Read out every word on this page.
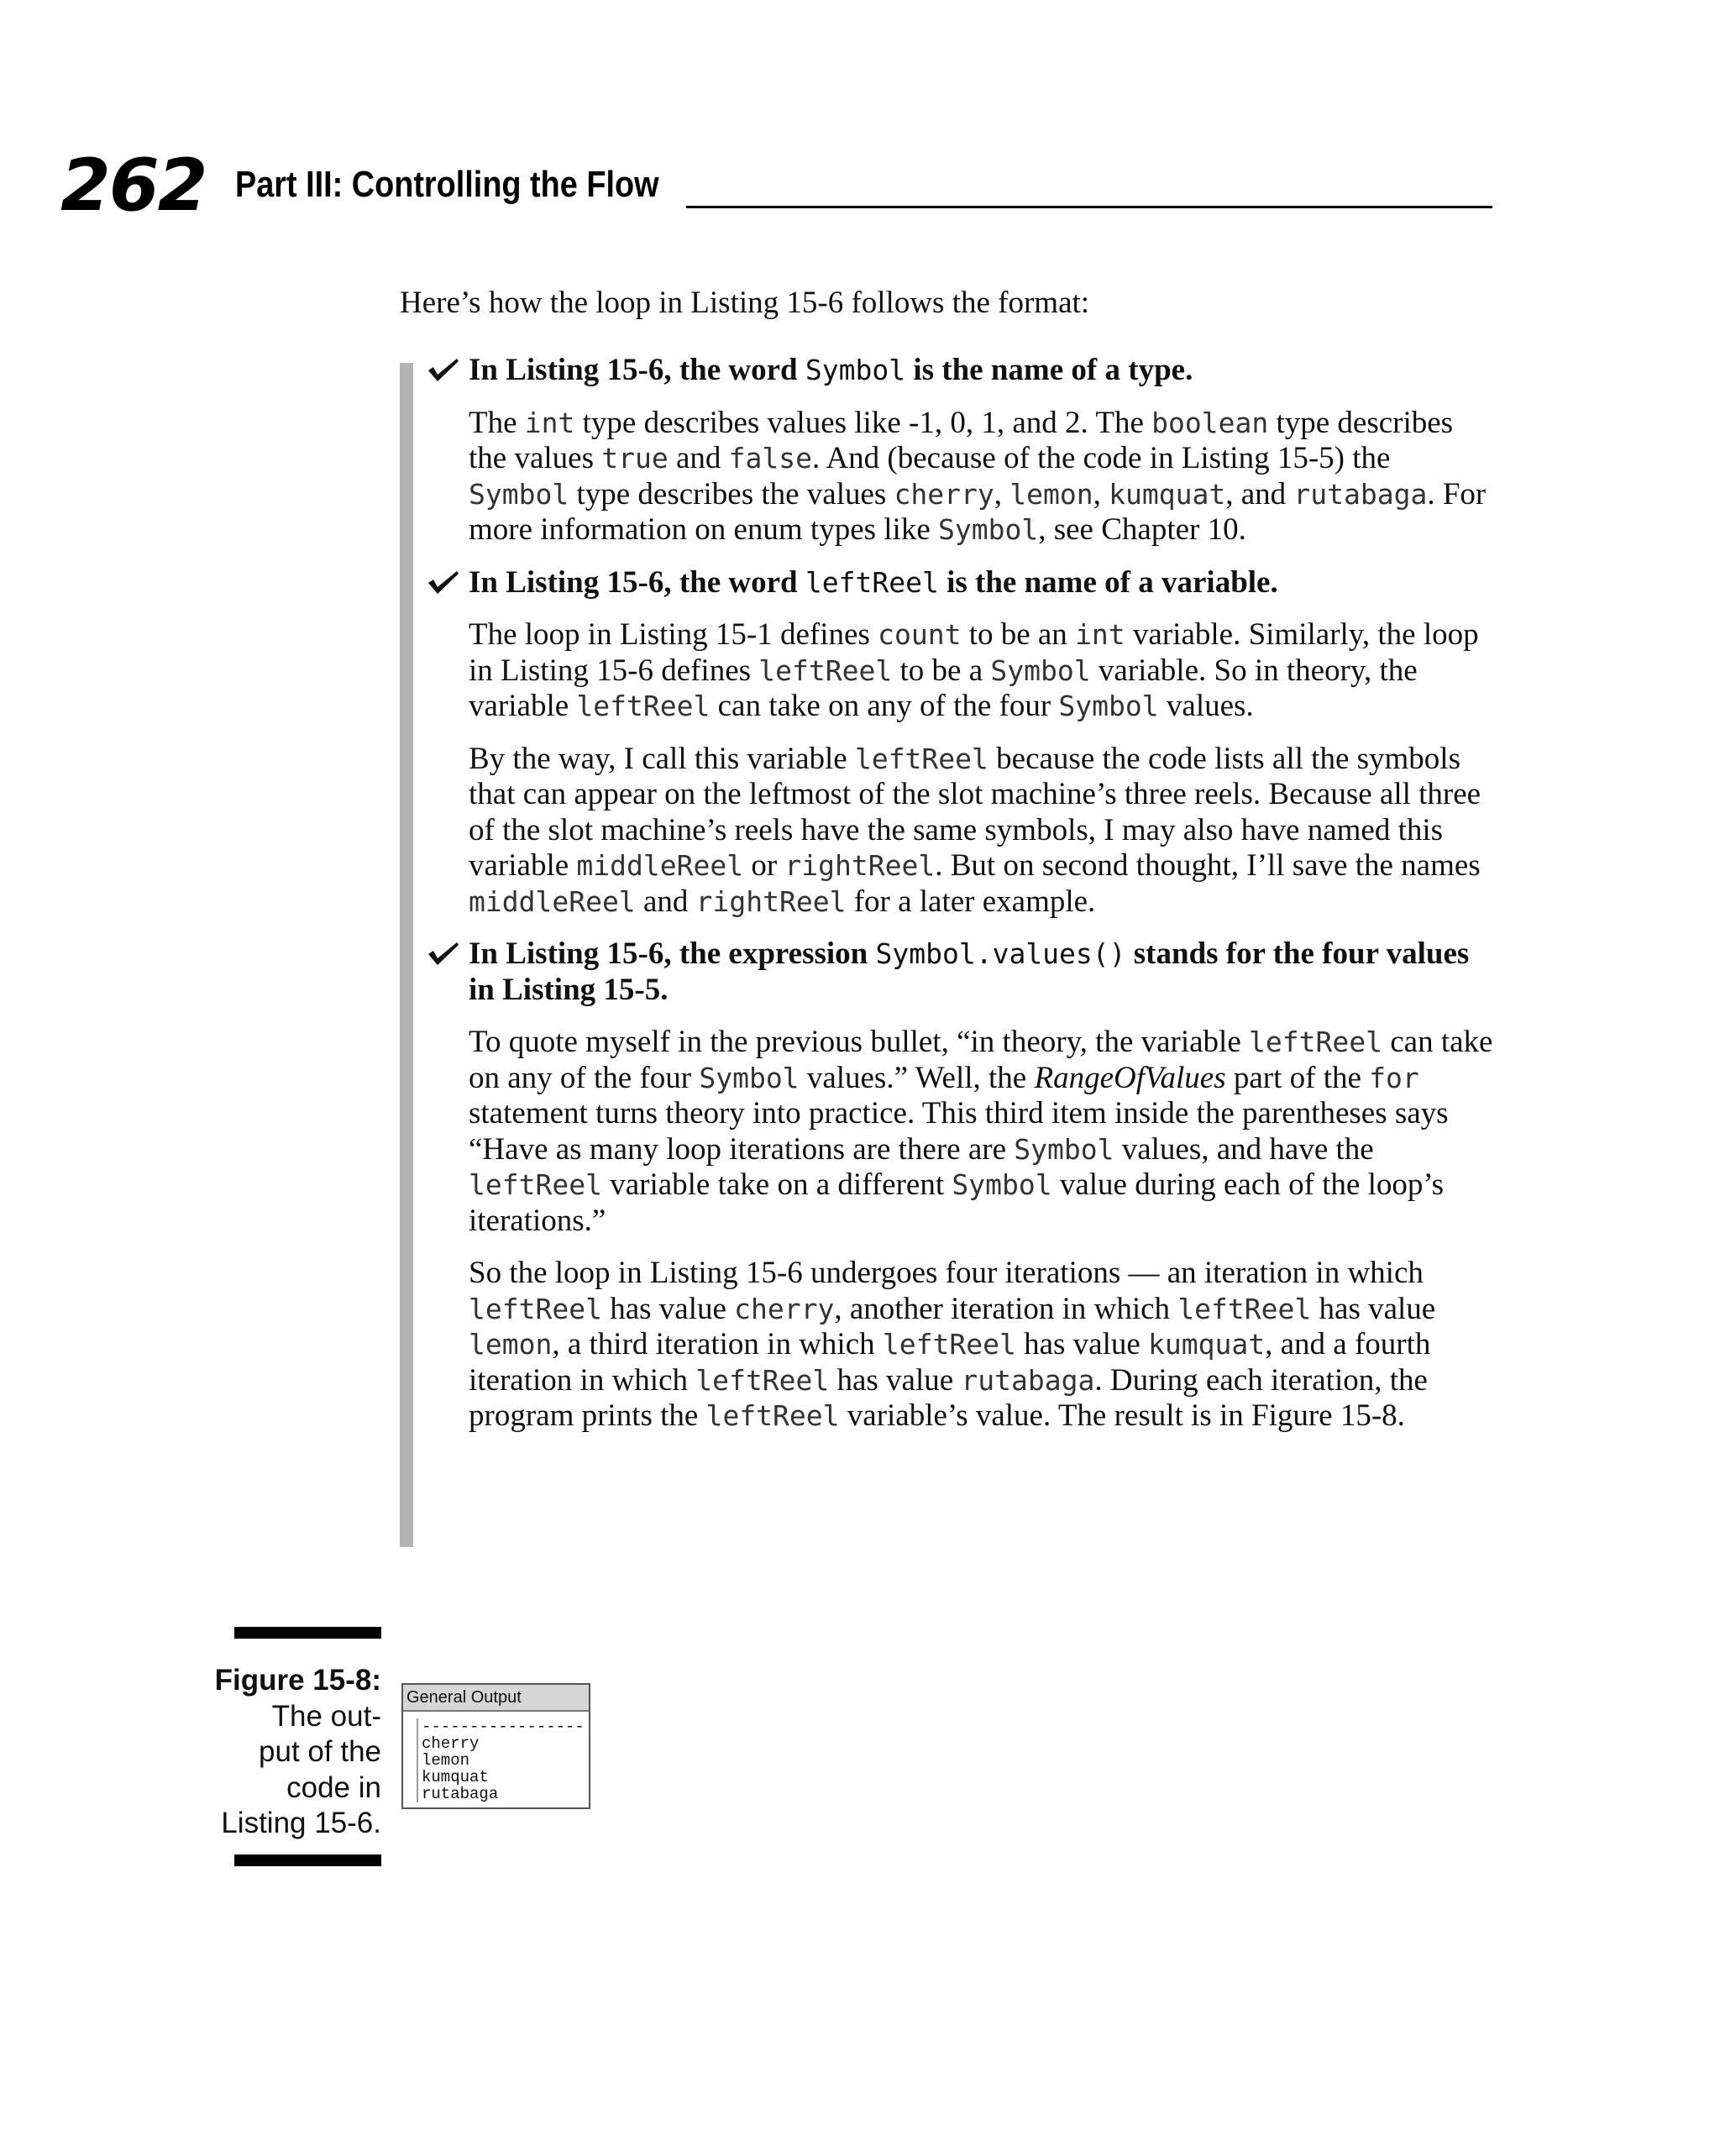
262 Part III: Controlling the Flow
Here’s how the loop in Listing 15-6 follows the format:

In Listing 15-6, the word Symbol is the name of a type.

The int type describes values like -1, 0, 1, and 2. The boolean type describes the values true and false. And (because of the code in Listing 15-5) the Symbol type describes the values cherry, lemon, kumquat, and rutabaga. For more information on enum types like Symbol, see Chapter 10.

In Listing 15-6, the word leftReel is the name of a variable.

The loop in Listing 15-1 defines count to be an int variable. Similarly, the loop in Listing 15-6 defines leftReel to be a Symbol variable. So in theory, the variable leftReel can take on any of the four Symbol values.

By the way, I call this variable leftReel because the code lists all the symbols that can appear on the leftmost of the slot machine’s three reels. Because all three of the slot machine’s reels have the same symbols, I may also have named this variable middleReel or rightReel. But on second thought, I’ll save the names middleReel and rightReel for a later example.

In Listing 15-6, the expression Symbol.values() stands for the four values in Listing 15-5.

To quote myself in the previous bullet, “in theory, the variable leftReel can take on any of the four Symbol values.” Well, the RangeOfValues part of the for statement turns theory into practice. This third item inside the parentheses says “Have as many loop iterations are there are Symbol values, and have the leftReel variable take on a different Symbol value during each of the loop’s iterations.”

So the loop in Listing 15-6 undergoes four iterations — an iteration in which leftReel has value cherry, another iteration in which leftReel has value lemon, a third iteration in which leftReel has value kumquat, and a fourth iteration in which leftReel has value rutabaga. During each iteration, the program prints the leftReel variable’s value. The result is in Figure 15-8.

Figure 15-8:
The out-
put of the
code in
Listing 15-6.
General Output
-----------------
cherry
lemon
kumquat
rutabaga
